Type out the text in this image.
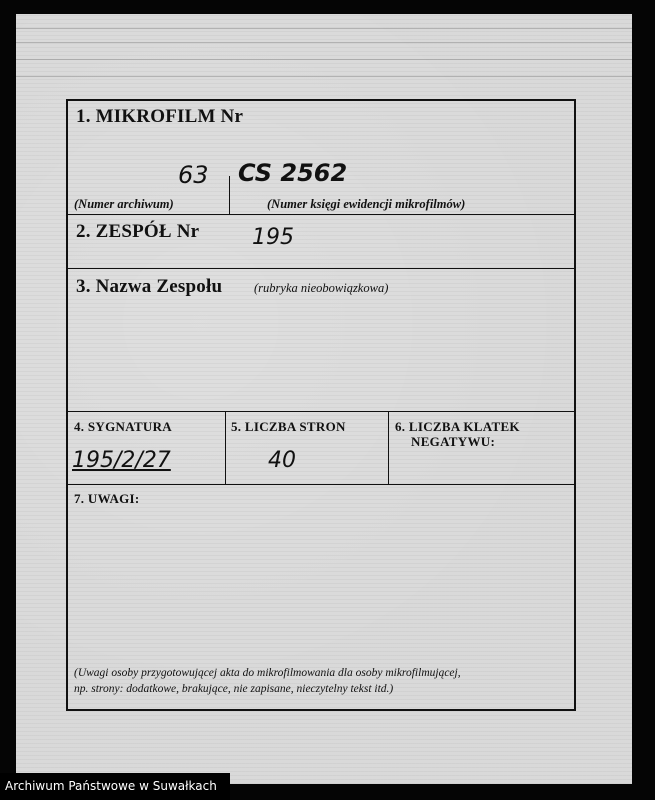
1. MIKROFILM Nr
63 CS 2562
(Numer archiwum)	(Numer księgi ewidencji mikrofilmów)
2. ZESPÓŁ Nr 195
3. Nazwa Zespołu	(rubryka nieobowiązkowa)
4. SYGNATURA
195/2/27
5. LICZBA STRON
40
6. LICZBA KLATEK
NEGATYWU:
7. UWAGI:
(Uwagi osoby przygotowującej akta do mikrofilmowania dla osoby mikrofilmującej,
np. strony: dodatkowe, brakujące, nie zapisane, nieczytelny tekst itd.)
Archiwum Państwowe w Suwałkach
